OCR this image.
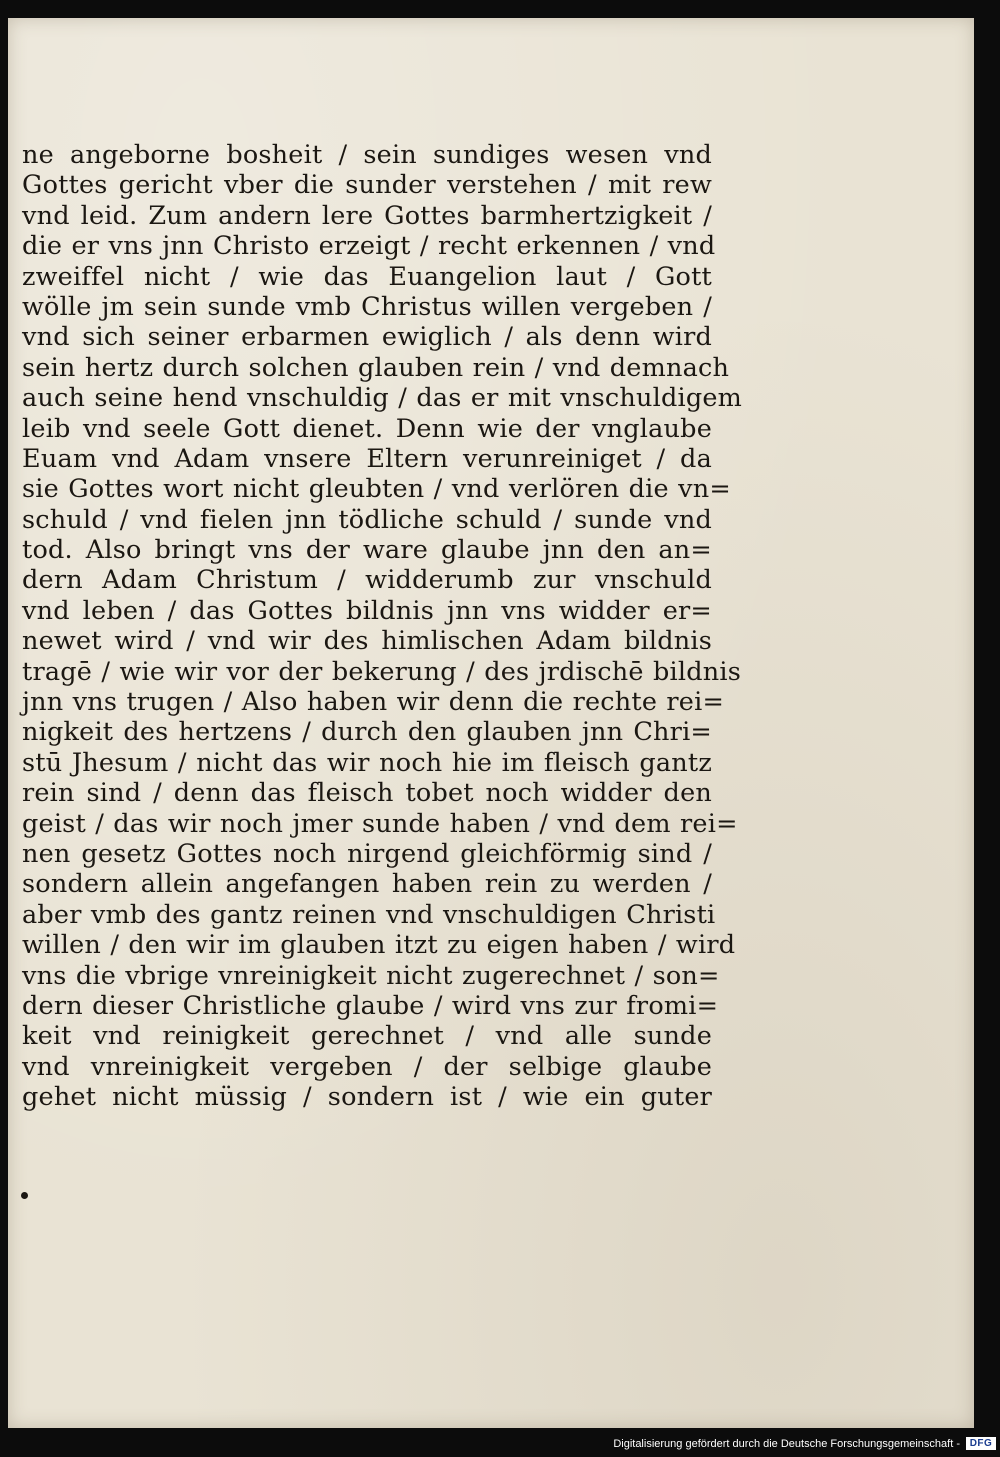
ne angeborne bosheit / sein sundiges wesen vnd
Gottes gericht vber die sunder verstehen / mit rew
vnd leid. Zum andern lere Gottes barmhertzigkeit /
die er vns jnn Christo erzeigt / recht erkennen / vnd
zweiffel nicht / wie das Euangelion laut / Gott
wölle jm sein sunde vmb Christus willen vergeben /
vnd sich seiner erbarmen ewiglich / als denn wird
sein hertz durch solchen glauben rein / vnd demnach
auch seine hend vnschuldig / das er mit vnschuldigem
leib vnd seele Gott dienet. Denn wie der vnglaube
Euam vnd Adam vnsere Eltern verunreiniget / da
sie Gottes wort nicht gleubten / vnd verlören die vn=
schuld / vnd fielen jnn tödliche schuld / sunde vnd
tod. Also bringt vns der ware glaube jnn den an=
dern Adam Christum / widderumb zur vnschuld
vnd leben / das Gottes bildnis jnn vns widder er=
newet wird / vnd wir des himlischen Adam bildnis
tragē / wie wir vor der bekerung / des jrdischē bildnis
jnn vns trugen / Also haben wir denn die rechte rei=
nigkeit des hertzens / durch den glauben jnn Chri=
stū Jhesum / nicht das wir noch hie im fleisch gantz
rein sind / denn das fleisch tobet noch widder den
geist / das wir noch jmer sunde haben / vnd dem rei=
nen gesetz Gottes noch nirgend gleichförmig sind /
sondern allein angefangen haben rein zu werden /
aber vmb des gantz reinen vnd vnschuldigen Christi
willen / den wir im glauben itzt zu eigen haben / wird
vns die vbrige vnreinigkeit nicht zugerechnet / son=
dern dieser Christliche glaube / wird vns zur fromi=
keit vnd reinigkeit gerechnet / vnd alle sunde
vnd vnreinigkeit vergeben / der selbige glaube
gehet nicht müssig / sondern ist / wie ein guter
Digitalisierung gefördert durch die Deutsche Forschungsgemeinschaft - DFG
